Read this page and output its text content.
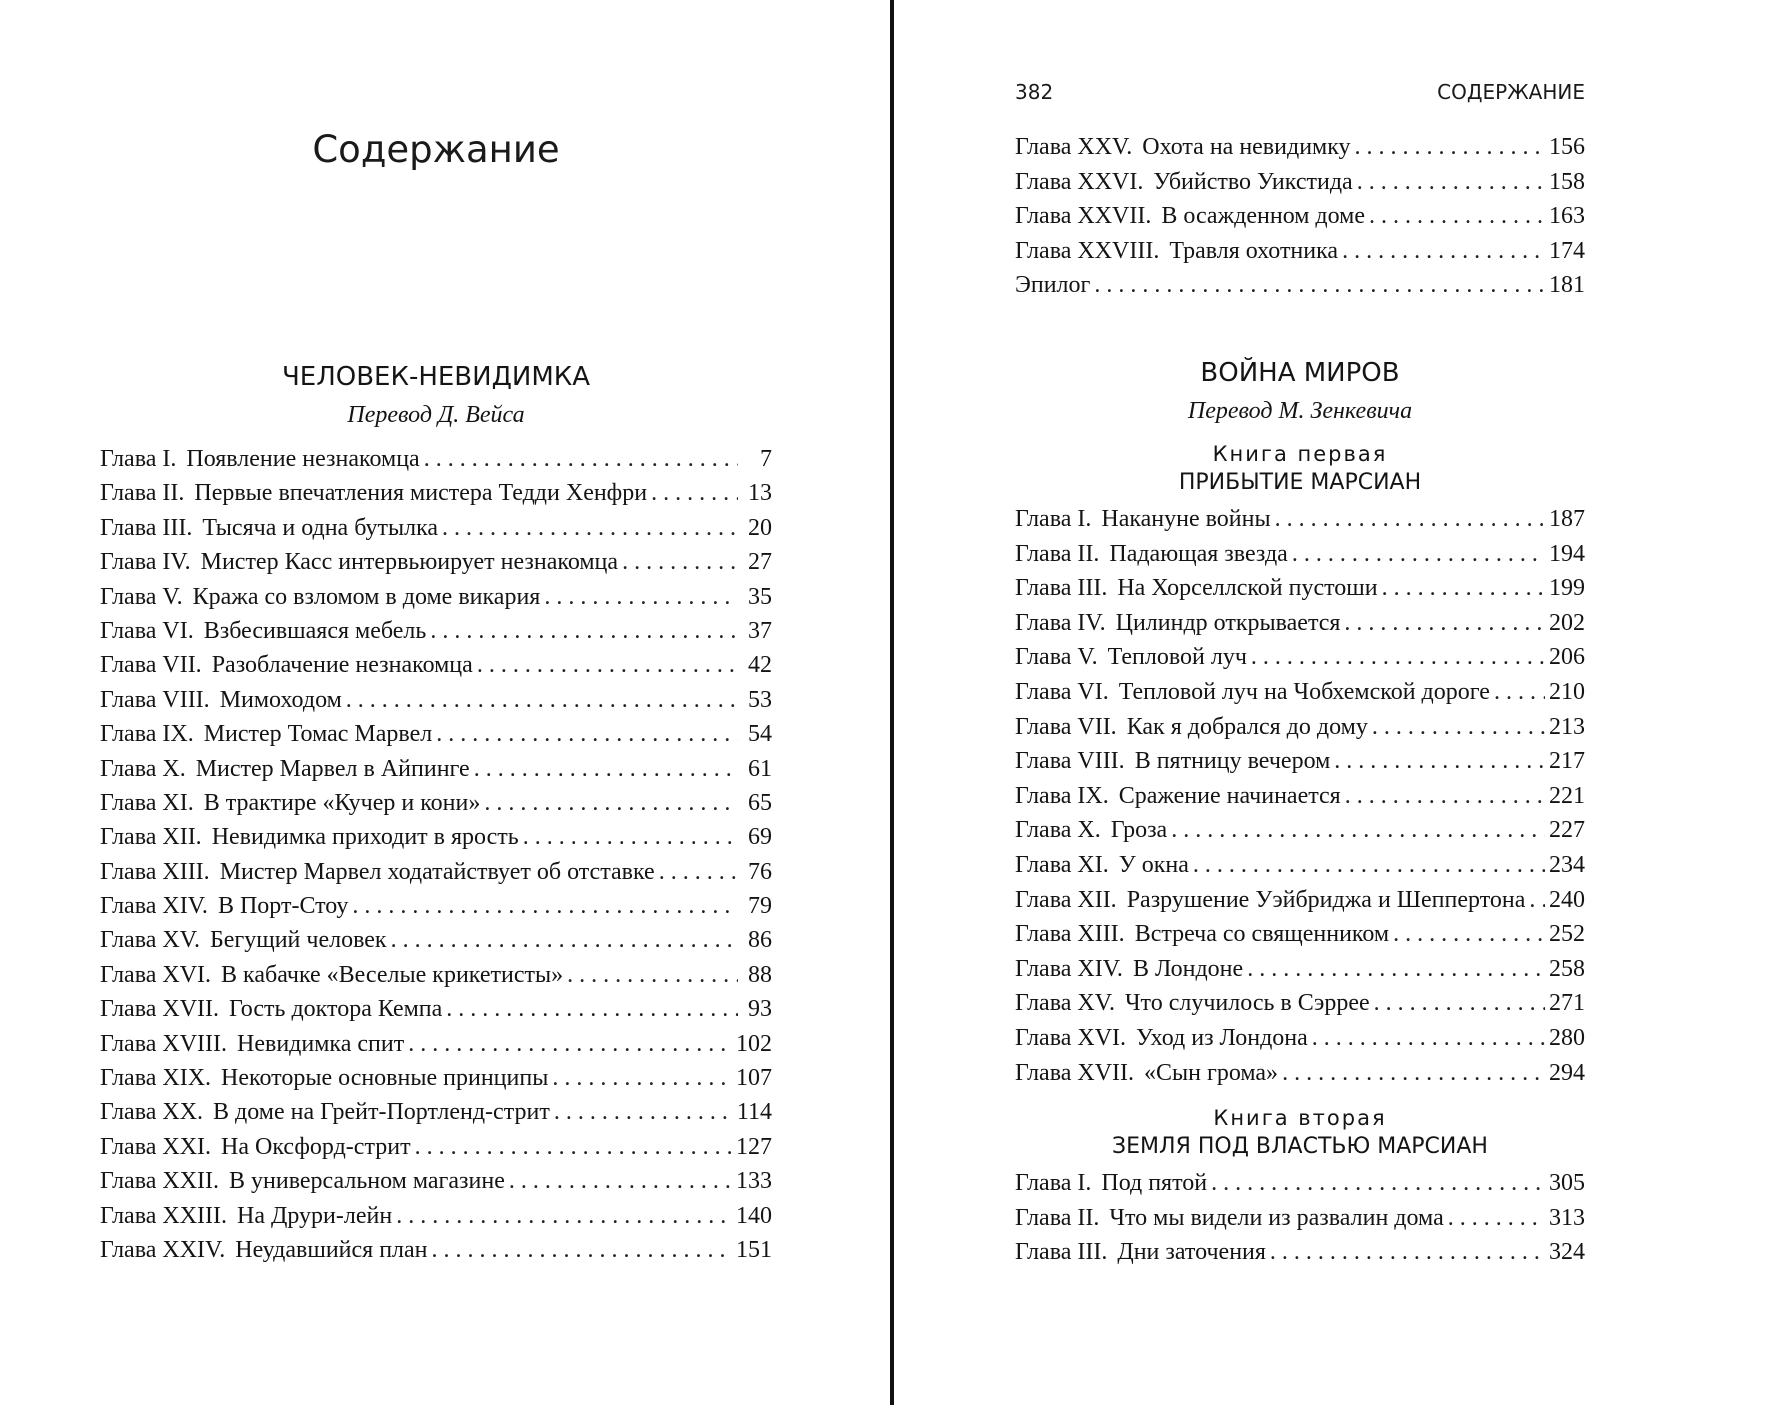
Содержание
ЧЕЛОВЕК-НЕВИДИМКА
Перевод Д. Вейса
Глава I. Появление незнакомца . . .	7
Глава II. Первые впечатления мистера Тедди Хенфри . . .	13
Глава III. Тысяча и одна бутылка . . .	20
Глава IV. Мистер Касс интервьюирует незнакомца . . .	27
Глава V. Кража со взломом в доме викария . . .	35
Глава VI. Взбесившаяся мебель . . .	37
Глава VII. Разоблачение незнакомца . . .	42
Глава VIII. Мимоходом . . .	53
Глава IX. Мистер Томас Марвел . . .	54
Глава X. Мистер Марвел в Айпинге . . .	61
Глава XI. В трактире «Кучер и кони» . . .	65
Глава XII. Невидимка приходит в ярость . . .	69
Глава XIII. Мистер Марвел ходатайствует об отставке . . .	76
Глава XIV. В Порт-Стоу . . .	79
Глава XV. Бегущий человек . . .	86
Глава XVI. В кабачке «Веселые крикетисты» . . .	88
Глава XVII. Гость доктора Кемпа . . .	93
Глава XVIII. Невидимка спит . . .	102
Глава XIX. Некоторые основные принципы . . .	107
Глава XX. В доме на Грейт-Портленд-стрит . . .	114
Глава XXI. На Оксфорд-стрит . . .	127
Глава XXII. В универсальном магазине . . .	133
Глава XXIII. На Друри-лейн . . .	140
Глава XXIV. Неудавшийся план . . .	151
382	СОДЕРЖАНИЕ
Глава XXV. Охота на невидимку . . .	156
Глава XXVI. Убийство Уикстида . . .	158
Глава XXVII. В осажденном доме . . .	163
Глава XXVIII. Травля охотника . . .	174
Эпилог . . .	181
ВОЙНА МИРОВ
Перевод М. Зенкевича
Книга первая
ПРИБЫТИЕ МАРСИАН
Глава I. Накануне войны . . .	187
Глава II. Падающая звезда . . .	194
Глава III. На Хорселлской пустоши . . .	199
Глава IV. Цилиндр открывается . . .	202
Глава V. Тепловой луч . . .	206
Глава VI. Тепловой луч на Чобхемской дороге . . . 210
Глава VII. Как я добрался до дому . . .	213
Глава VIII. В пятницу вечером . . .	217
Глава IX. Сражение начинается . . .	221
Глава X. Гроза . . .	227
Глава XI. У окна . . .	234
Глава XII. Разрушение Уэйбриджа и Шеппертона . . . 240
Глава XIII. Встреча со священником . . .	252
Глава XIV. В Лондоне . . .	258
Глава XV. Что случилось в Сэррее . . .	271
Глава XVI. Уход из Лондона . . .	280
Глава XVII. «Сын грома» . . .	294
Книга вторая
ЗЕМЛЯ ПОД ВЛАСТЬЮ МАРСИАН
Глава I. Под пятой . . .	305
Глава II. Что мы видели из развалин дома . . .	313
Глава III. Дни заточения . . .	324
